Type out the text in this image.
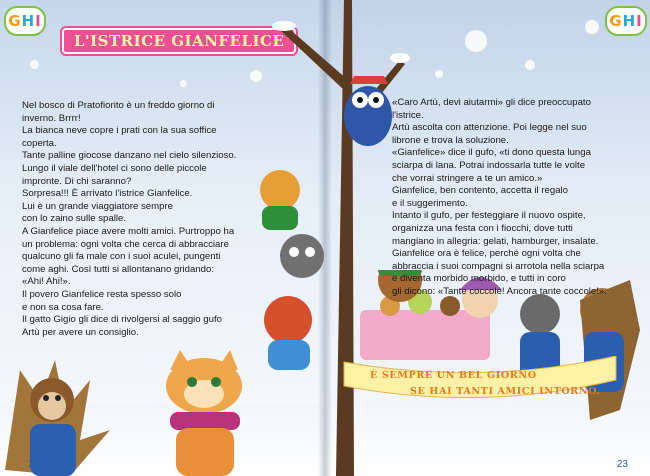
G H I
L'ISTRICE GIANFELICE
Nel bosco di Pratofiorito è un freddo giorno di
inverno. Brrrr!
La bianca neve copre i prati con la sua soffice
coperta.
Tante palline giocose danzano nel cielo silenzioso.
Lungo il viale dell'hotel ci sono delle piccole
impronte. Di chi saranno?
Sorpresa!!! È arrivato l'istrice Gianfelice.
Lui è un grande viaggiatore sempre
con lo zaino sulle spalle.
A Gianfelice piace avere molti amici. Purtroppo ha
un problema: ogni volta che cerca di abbracciare
qualcuno gli fa male con i suoi aculei, pungenti
come aghi. Così tutti si allontanano gridando:
«Ahi! Ahi!».
Il povero Gianfelice resta spesso solo
e non sa cosa fare.
Il gatto Gigio gli dice di rivolgersi al saggio gufo
Artù per avere un consiglio.
22
G H I
23
È SEMPRE UN BEL GIORNO
SE HAI TANTI AMICI INTORNO.
«Caro Artù, devi aiutarmi» gli dice preoccupato
l'istrice.
Artù ascolta con attenzione. Poi legge nel suo
librone e trova la soluzione.
«Gianfelice» dice il gufo, «ti dono questa lunga
sciarpa di lana. Potrai indossarla tutte le volte
che vorrai stringere a te un amico.»
Gianfelice, ben contento, accetta il regalo
e il suggerimento.
Intanto il gufo, per festeggiare il nuovo ospite,
organizza una festa con i fiocchi, dove tutti
mangiano in allegria: gelati, hamburger, insalate.
Gianfelice ora è felice, perché ogni volta che
abbraccia i suoi compagni si arrotola nella sciarpa
e diventa morbido morbido, e tutti in coro
gli dicono: «Tante coccole! Ancora tante coccole!».
